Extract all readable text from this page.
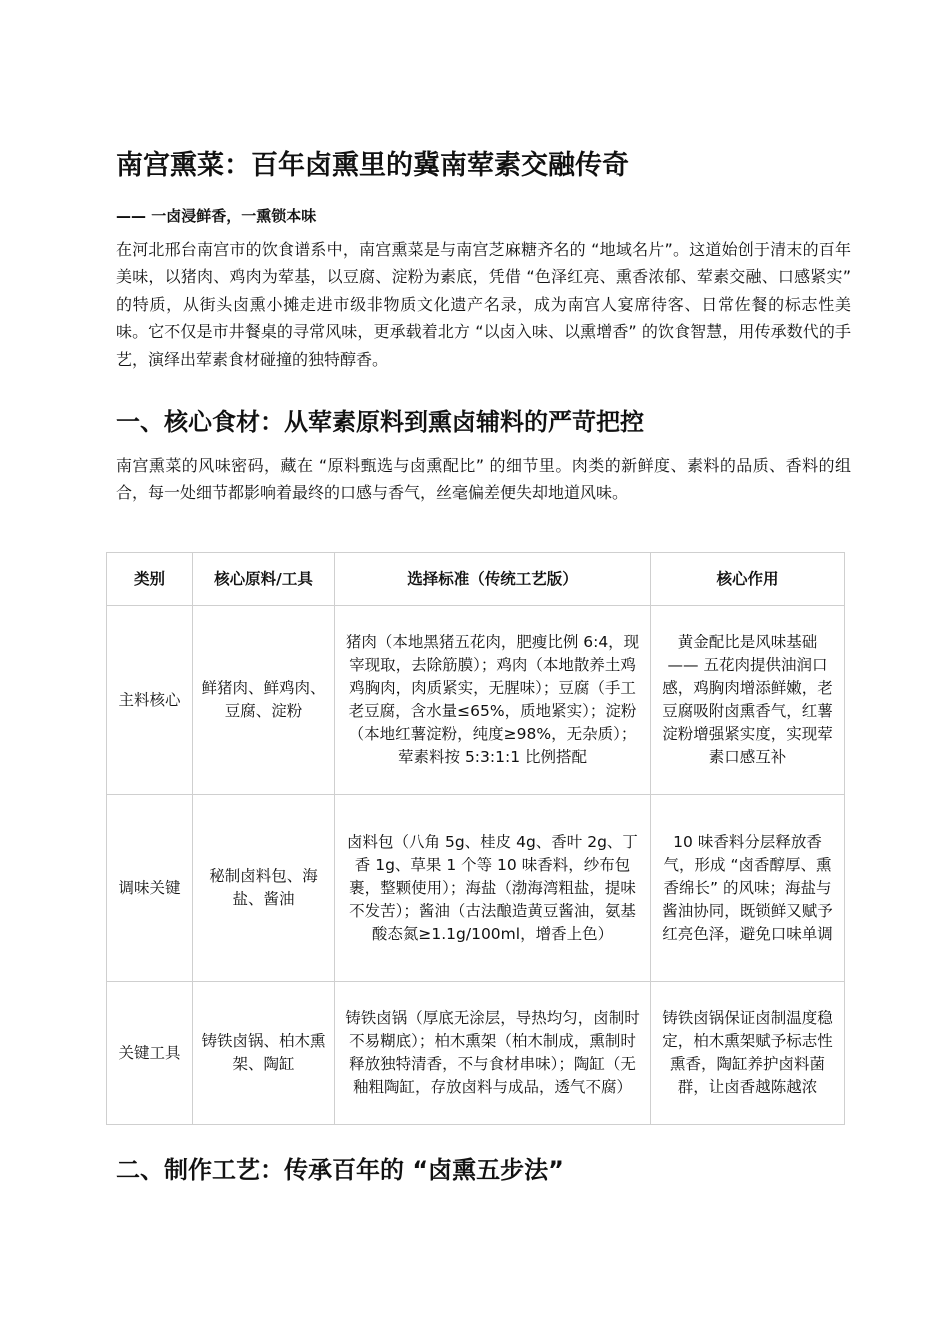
南宫熏菜：百年卤熏里的冀南荤素交融传奇
—— 一卤浸鲜香，一熏锁本味

在河北邢台南宫市的饮食谱系中，南宫熏菜是与南宫芝麻糖齐名的 “地域名片”。这道始创于清末的百年美味，以猪肉、鸡肉为荤基，以豆腐、淀粉为素底，凭借 “色泽红亮、熏香浓郁、荤素交融、口感紧实” 的特质，从街头卤熏小摊走进市级非物质文化遗产名录，成为南宫人宴席待客、日常佐餐的标志性美味。它不仅是市井餐桌的寻常风味，更承载着北方 “以卤入味、以熏增香” 的饮食智慧，用传承数代的手艺，演绎出荤素食材碰撞的独特醇香。

一、核心食材：从荤素原料到熏卤辅料的严苛把控

南宫熏菜的风味密码，藏在 “原料甄选与卤熏配比” 的细节里。肉类的新鲜度、素料的品质、香料的组合，每一处细节都影响着最终的口感与香气，丝毫偏差便失却地道风味。

类别	核心原料/工具	选择标准（传统工艺版）	核心作用
主料核心	鲜猪肉、鲜鸡肉、豆腐、淀粉	猪肉（本地黑猪五花肉，肥瘦比例 6:4，现宰现取，去除筋膜）；鸡肉（本地散养土鸡鸡胸肉，肉质紧实，无腥味）；豆腐（手工老豆腐，含水量≤65%，质地紧实）；淀粉（本地红薯淀粉，纯度≥98%，无杂质）；荤素料按 5:3:1:1 比例搭配	黄金配比是风味基础 —— 五花肉提供油润口感，鸡胸肉增添鲜嫩，老豆腐吸附卤熏香气，红薯淀粉增强紧实度，实现荤素口感互补
调味关键	秘制卤料包、海盐、酱油	卤料包（八角 5g、桂皮 4g、香叶 2g、丁香 1g、草果 1 个等 10 味香料，纱布包裹，整颗使用）；海盐（渤海湾粗盐，提味不发苦）；酱油（古法酿造黄豆酱油，氨基酸态氮≥1.1g/100ml，增香上色）	10 味香料分层释放香气，形成 “卤香醇厚、熏香绵长” 的风味；海盐与酱油协同，既锁鲜又赋予红亮色泽，避免口味单调
关键工具	铸铁卤锅、柏木熏架、陶缸	铸铁卤锅（厚底无涂层，导热均匀，卤制时不易糊底）；柏木熏架（柏木制成，熏制时释放独特清香，不与食材串味）；陶缸（无釉粗陶缸，存放卤料与成品，透气不腐）	铸铁卤锅保证卤制温度稳定，柏木熏架赋予标志性熏香，陶缸养护卤料菌群，让卤香越陈越浓
二、制作工艺：传承百年的 “卤熏五步法”
